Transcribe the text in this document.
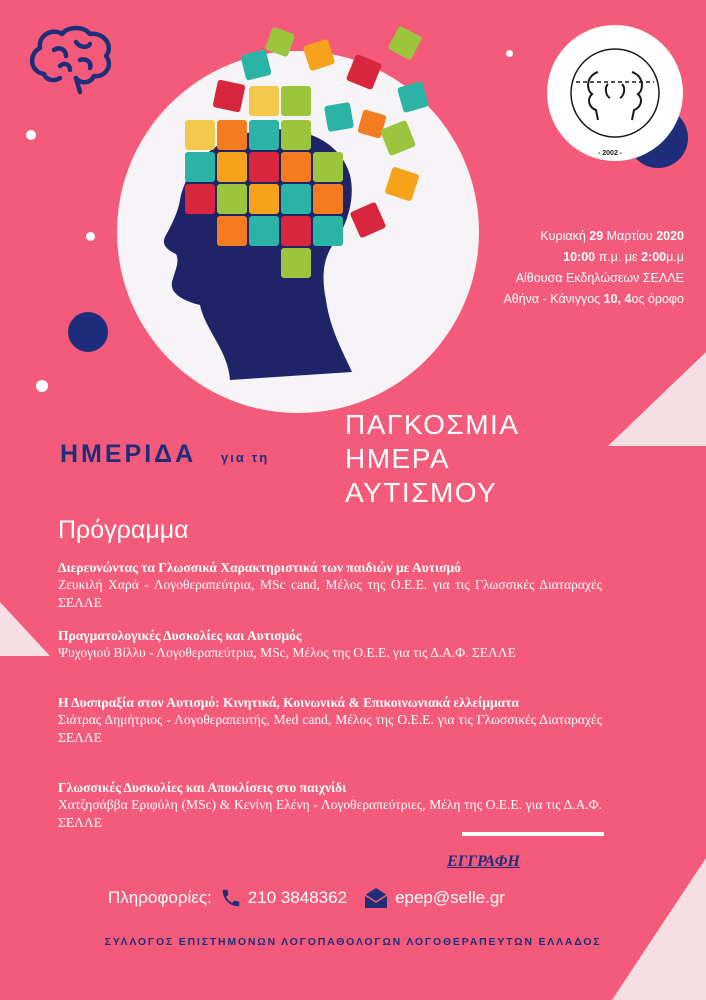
- 2002 -
Κυριακή 29 Μαρτίου 2020
10:00 π.μ. με 2:00μ.μ
Αίθουσα Εκδηλώσεων ΣΕΛΛΕ
Αθήνα - Κάνιγγος 10, 4ος όροφο
ΗΜΕΡΙΔΑ για τη
ΠΑΓΚΟΣΜΙΑ
ΗΜΕΡΑ
ΑΥΤΙΣΜΟΥ
Πρόγραμμα
Διερευνώντας τα Γλωσσικά Χαρακτηριστικά των παιδιών με Αυτισμό
Ζευκιλή Χαρά - Λογοθεραπεύτρια, MSc cand, Μέλος της Ο.Ε.Ε. για τις Γλωσσικές Διαταραχές ΣΕΛΛΕ
Πραγματολογικές Δυσκολίες και Αυτισμός
Ψυχογιού Βίλλυ - Λογοθεραπεύτρια, MSc, Μέλος της Ο.Ε.Ε. για τις Δ.Α.Φ. ΣΕΛΛΕ
Η Δυσπραξία στον Αυτισμό: Κινητικά, Κοινωνικά & Επικοινωνιακά ελλείμματα
Σιάτρας Δημήτριος - Λογοθεραπευτής, Med cand, Μέλος της Ο.Ε.Ε. για τις Γλωσσικές Διαταραχές ΣΕΛΛΕ
Γλωσσικές Δυσκολίες και Αποκλίσεις στο παιχνίδι
Χατζησάββα Εριφύλη (MSc) & Κενίνη Ελένη - Λογοθεραπεύτριες, Μέλη της Ο.Ε.Ε. για τις Δ.Α.Φ. ΣΕΛΛΕ
ΕΓΓΡΑΦΗ
Πληροφορίες: 210 3848362	epep@selle.gr
ΣΥΛΛΟΓΟΣ ΕΠΙΣΤΗΜΟΝΩΝ ΛΟΓΟΠΑΘΟΛΟΓΩΝ ΛΟΓΟΘΕΡΑΠΕΥΤΩΝ ΕΛΛΑΔΟΣ
